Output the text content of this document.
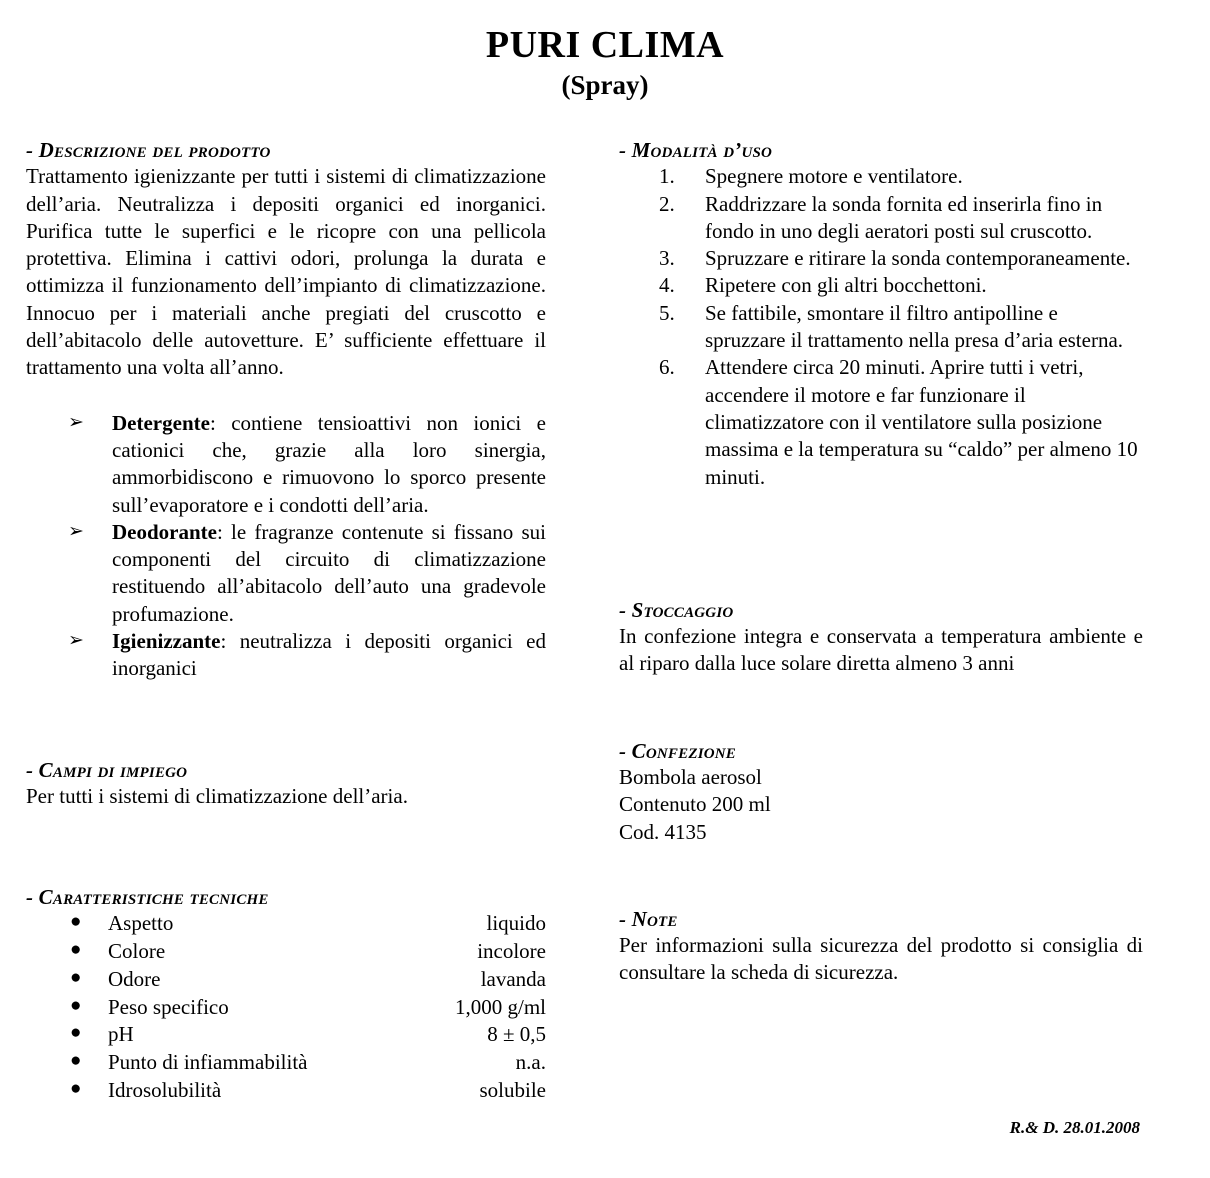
PURI CLIMA
(Spray)
- Descrizione del prodotto

Trattamento igienizzante per tutti i sistemi di climatizzazione dell’aria. Neutralizza i depositi organici ed inorganici. Purifica tutte le superfici e le ricopre con una pellicola protettiva. Elimina i cattivi odori, prolunga la durata e ottimizza il funzionamento dell’impianto di climatizzazione. Innocuo per i materiali anche pregiati del cruscotto e dell’abitacolo delle autovetture. E’ sufficiente effettuare il trattamento una volta all’anno.

➢ Detergente: contiene tensioattivi non ionici e cationici che, grazie alla loro sinergia, ammorbidiscono e rimuovono lo sporco presente sull’evaporatore e i condotti dell’aria.
➢ Deodorante: le fragranze contenute si fissano sui componenti del circuito di climatizzazione restituendo all’abitacolo dell’auto una gradevole profumazione.
➢ Igienizzante: neutralizza i depositi organici ed inorganici
- Campi di impiego

Per tutti i sistemi di climatizzazione dell’aria.

- Caratteristiche tecniche
● Aspetto	liquido
● Colore	incolore
● Odore	lavanda
● Peso specifico	1,000 g/ml
● pH	8 ± 0,5
● Punto di infiammabilità	n.a.
● Idrosolubilità	solubile
- Modalità d’uso
1. Spegnere motore e ventilatore.
2. Raddrizzare la sonda fornita ed inserirla fino in fondo in uno degli aeratori posti sul cruscotto.
3. Spruzzare e ritirare la sonda contemporaneamente.
4. Ripetere con gli altri bocchettoni.
5. Se fattibile, smontare il filtro antipolline e spruzzare il trattamento nella presa d’aria esterna.
6. Attendere circa 20 minuti. Aprire tutti i vetri, accendere il motore e far funzionare il climatizzatore con il ventilatore sulla posizione massima e la temperatura su “caldo” per almeno 10 minuti.
- Stoccaggio

In confezione integra e conservata a temperatura ambiente e al riparo dalla luce solare diretta almeno 3 anni

- Confezione

Bombola aerosol

Contenuto 200 ml

Cod. 4135

- Note

Per informazioni sulla sicurezza del prodotto si consiglia di consultare la scheda di sicurezza.

R.& D. 28.01.2008
